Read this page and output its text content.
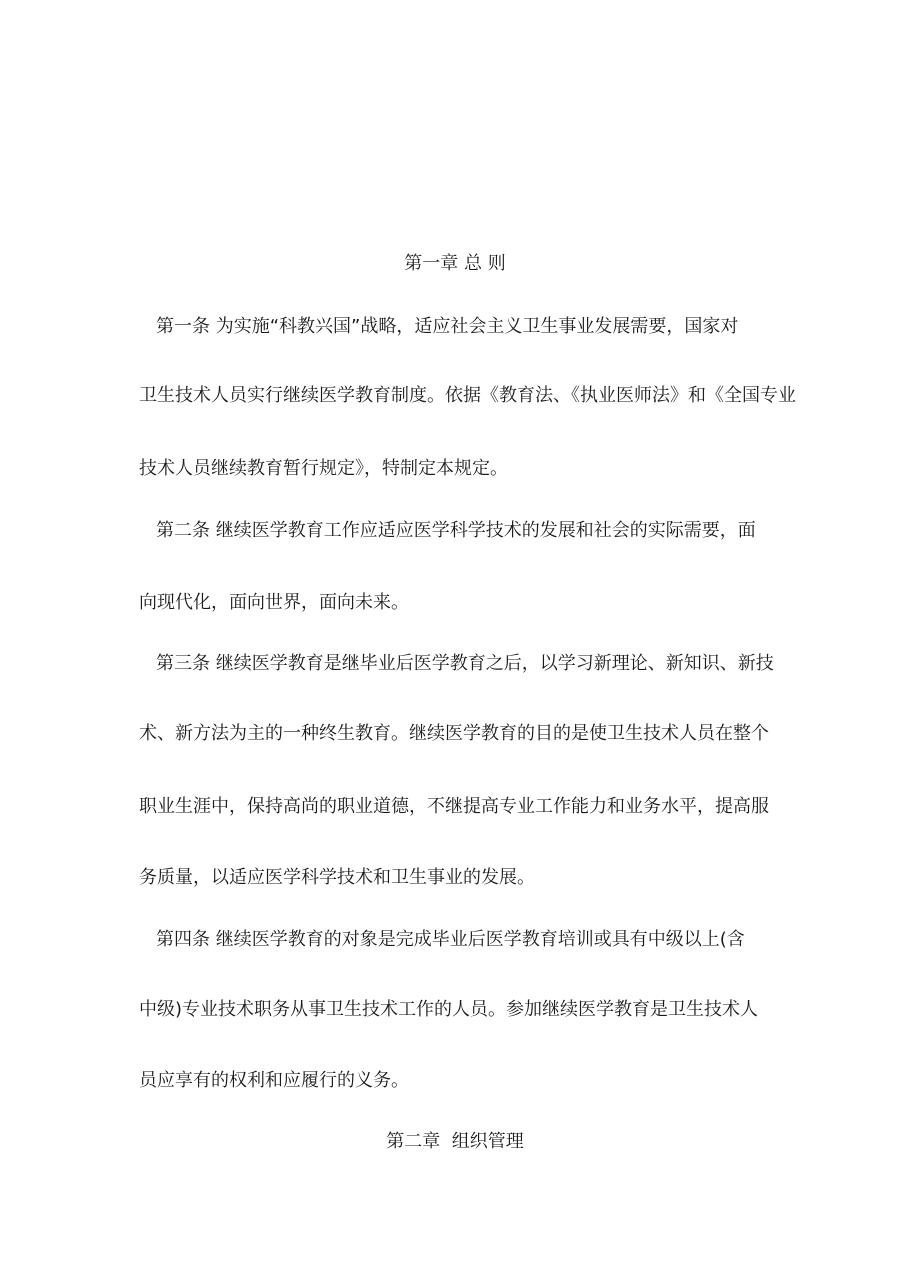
第一章 总 则
第一条 为实施“科教兴国”战略，适应社会主义卫生事业发展需要，国家对
卫生技术人员实行继续医学教育制度。依据《教育法、《执业医师法》和《全国专业
技术人员继续教育暂行规定》，特制定本规定。
第二条 继续医学教育工作应适应医学科学技术的发展和社会的实际需要，面
向现代化，面向世界，面向未来。
第三条 继续医学教育是继毕业后医学教育之后，以学习新理论、新知识、新技
术、新方法为主的一种终生教育。继续医学教育的目的是使卫生技术人员在整个
职业生涯中，保持高尚的职业道德，不继提高专业工作能力和业务水平，提高服
务质量，以适应医学科学技术和卫生事业的发展。
第四条 继续医学教育的对象是完成毕业后医学教育培训或具有中级以上(含
中级)专业技术职务从事卫生技术工作的人员。参加继续医学教育是卫生技术人
员应享有的权利和应履行的义务。
第二章  组织管理
